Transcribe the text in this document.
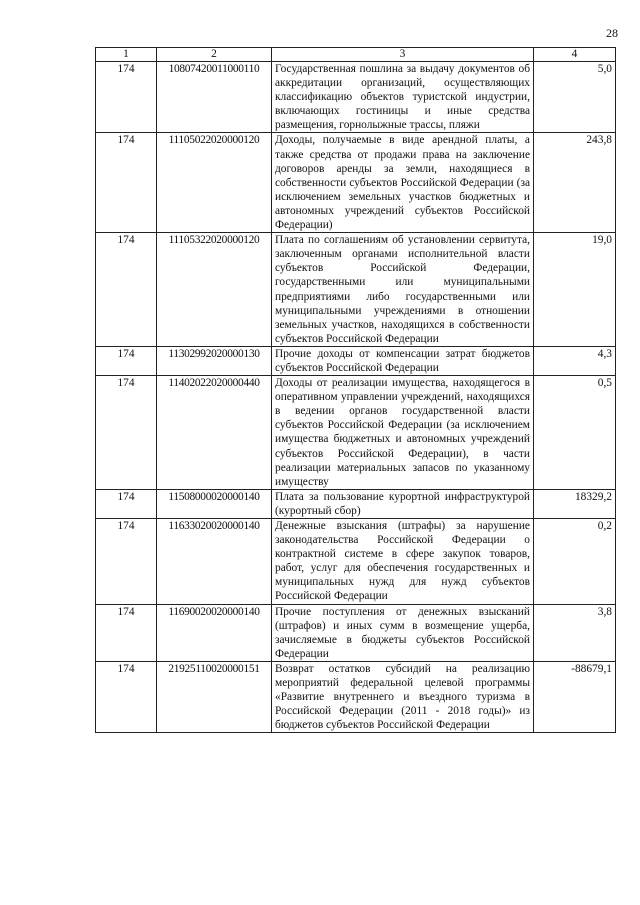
28
1	2	3	4
174	10807420011000110	Государственная пошлина за выдачу документов об аккредитации организаций, осуществляющих классификацию объектов туристской индустрии, включающих гостиницы и иные средства размещения, горнолыжные трассы, пляжи	5,0
174	11105022020000120	Доходы, получаемые в виде арендной платы, а также средства от продажи права на заключение договоров аренды за земли, находящиеся в собственности субъектов Российской Федерации (за исключением земельных участков бюджетных и автономных учреждений субъектов Российской Федерации)	243,8
174	11105322020000120	Плата по соглашениям об установлении сервитута, заключенным органами исполнительной власти субъектов Российской Федерации, государственными или муниципальными предприятиями либо государственными или муниципальными учреждениями в отношении земельных участков, находящихся в собственности субъектов Российской Федерации	19,0
174	11302992020000130	Прочие доходы от компенсации затрат бюджетов субъектов Российской Федерации	4,3
174	11402022020000440	Доходы от реализации имущества, находящегося в оперативном управлении учреждений, находящихся в ведении органов государственной власти субъектов Российской Федерации (за исключением имущества бюджетных и автономных учреждений субъектов Российской Федерации), в части реализации материальных запасов по указанному имуществу	0,5
174	11508000020000140	Плата за пользование курортной инфраструктурой (курортный сбор)	18329,2
174	11633020020000140	Денежные взыскания (штрафы) за нарушение законодательства Российской Федерации о контрактной системе в сфере закупок товаров, работ, услуг для обеспечения государственных и муниципальных нужд для нужд субъектов Российской Федерации	0,2
174	11690020020000140	Прочие поступления от денежных взысканий (штрафов) и иных сумм в возмещение ущерба, зачисляемые в бюджеты субъектов Российской Федерации	3,8
174	21925110020000151	Возврат остатков субсидий на реализацию мероприятий федеральной целевой программы «Развитие внутреннего и въездного туризма в Российской Федерации (2011 - 2018 годы)» из бюджетов субъектов Российской Федерации	-88679,1
